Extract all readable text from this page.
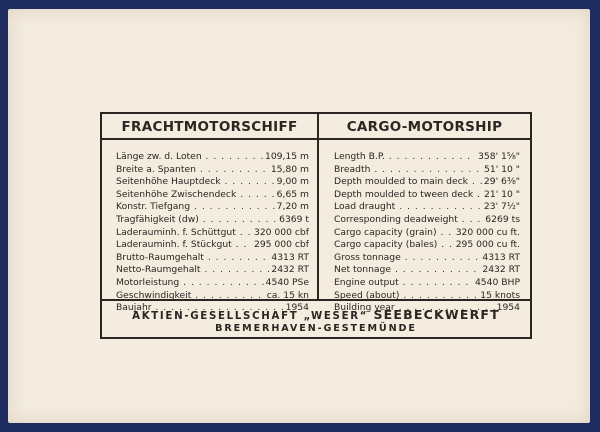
FRACHTMOTORSCHIFF	CARGO-MOTORSHIP
Länge zw. d. Loten . . .	109,15 m
Breite a. Spanten . . .	15,80 m
Seitenhöhe Hauptdeck . . .	9,00 m
Seitenhöhe Zwischendeck . . .	6,65 m
Konstr. Tiefgang . . .	7,20 m
Tragfähigkeit (dw) . . .	6369 t
Laderauminh. f. Schüttgut . . .	320 000 cbf
Laderauminh. f. Stückgut . . .	295 000 cbf
Brutto-Raumgehalt . . .	4313 RT
Netto-Raumgehalt . . .	2432 RT
Motorleistung . . .	4540 PSe
Geschwindigkeit . . .	ca. 15 kn
Baujahr . . .	1954
Length B.P. . . .	358' 1⁵⁄₈"
Breadth . . .	51' 10 "
Depth moulded to main deck . . .	29' 6³⁄₈"
Depth moulded to tween deck . . .	21' 10 "
Load draught . . .	23' 7¹⁄₂"
Corresponding deadweight . . .	6269 ts
Cargo capacity (grain) . . .	320 000 cu ft.
Cargo capacity (bales) . . .	295 000 cu ft.
Gross tonnage . . .	4313 RT
Net tonnage . . .	2432 RT
Engine output . . .	4540 BHP
Speed (about) . . .	15 knots
Building year . . .	1954
AKTIEN-GESELLSCHAFT „WESER“ SEEBECKWERFT
BREMERHAVEN-GESTEMÜNDE
